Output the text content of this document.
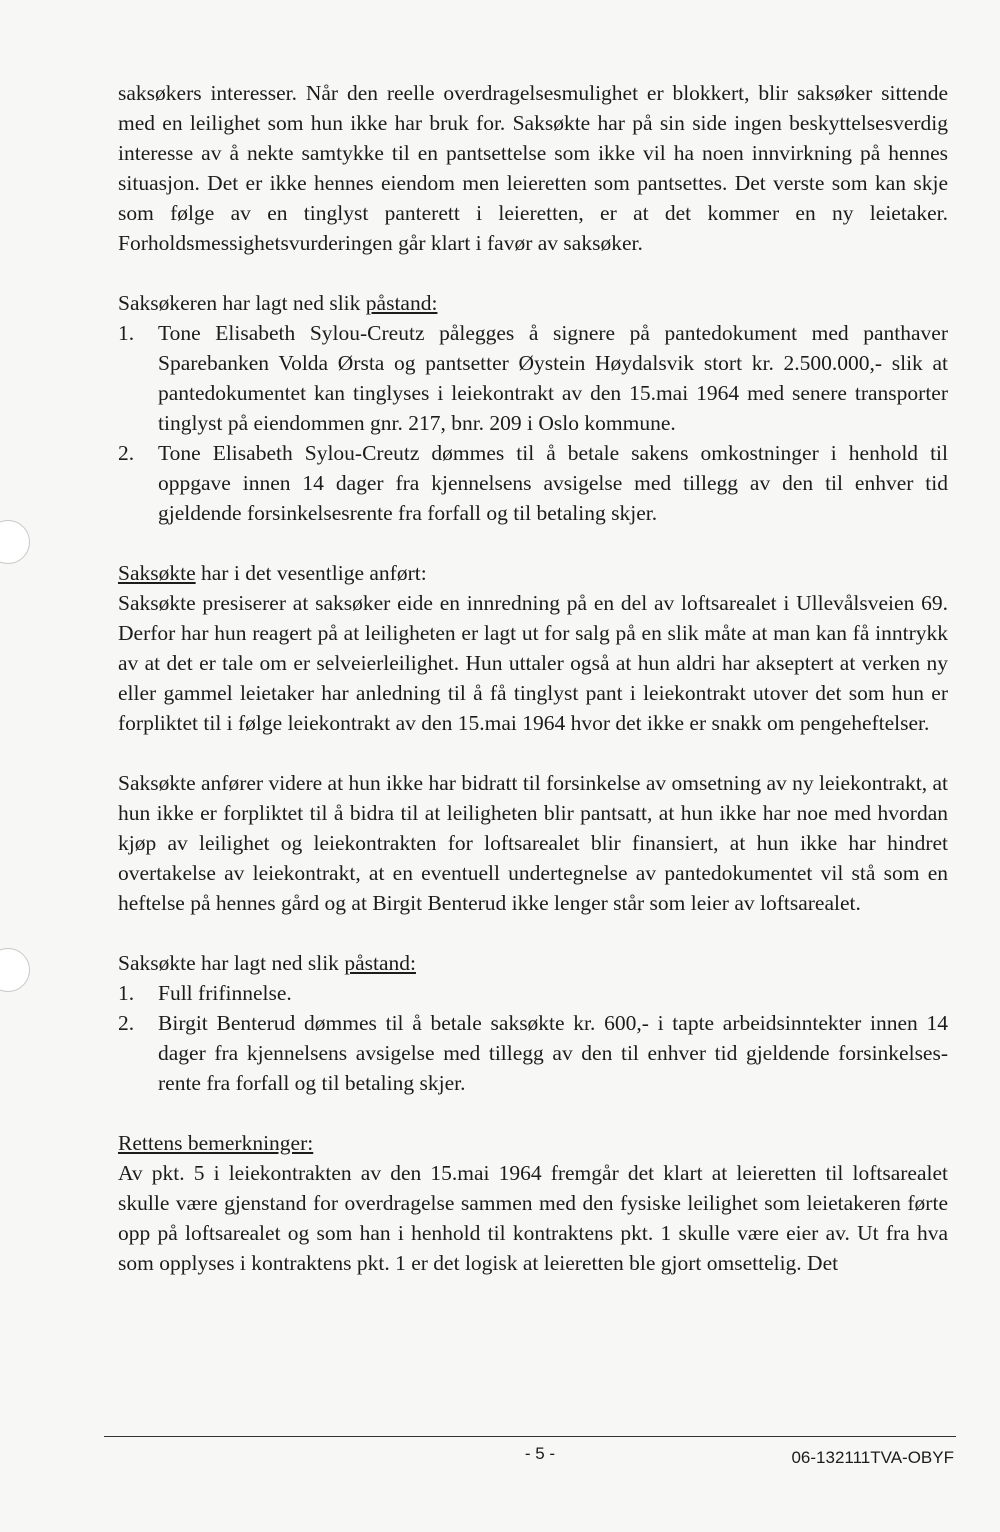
saksøkers interesser. Når den reelle overdragelsesmulighet er blokkert, blir saksøker sittende med en leilighet som hun ikke har bruk for. Saksøkte har på sin side ingen beskyttelsesverdig interesse av å nekte samtykke til en pantsettelse som ikke vil ha noen innvirkning på hennes situasjon. Det er ikke hennes eiendom men leieretten som pantsettes. Det verste som kan skje som følge av en tinglyst panterett i leieretten, er at det kommer en ny leietaker. Forholdsmessighetsvurderingen går klart i favør av saksøker.

Saksøkeren har lagt ned slik påstand:

1. Tone Elisabeth Sylou-Creutz pålegges å signere på pantedokument med panthaver Sparebanken Volda Ørsta og pantsetter Øystein Høydalsvik stort kr. 2.500.000,- slik at pantedokumentet kan tinglyses i leiekontrakt av den 15.mai 1964 med senere transporter tinglyst på eiendommen gnr. 217, bnr. 209 i Oslo kommune.
2. Tone Elisabeth Sylou-Creutz dømmes til å betale sakens omkostninger i henhold til oppgave innen 14 dager fra kjennelsens avsigelse med tillegg av den til enhver tid gjeldende forsinkelsesrente fra forfall og til betaling skjer.

Saksøkte har i det vesentlige anført:

Saksøkte presiserer at saksøker eide en innredning på en del av loftsarealet i Ullevålsveien 69. Derfor har hun reagert på at leiligheten er lagt ut for salg på en slik måte at man kan få inntrykk av at det er tale om er selveierleilighet. Hun uttaler også at hun aldri har akseptert at verken ny eller gammel leietaker har anledning til å få tinglyst pant i leiekontrakt utover det som hun er forpliktet til i følge leiekontrakt av den 15.mai 1964 hvor det ikke er snakk om pengeheftelser.

Saksøkte anfører videre at hun ikke har bidratt til forsinkelse av omsetning av ny leiekontrakt, at hun ikke er forpliktet til å bidra til at leiligheten blir pantsatt, at hun ikke har noe med hvordan kjøp av leilighet og leiekontrakten for loftsarealet blir finansiert, at hun ikke har hindret overtakelse av leiekontrakt, at en eventuell undertegnelse av pantedokumentet vil stå som en heftelse på hennes gård og at Birgit Benterud ikke lenger står som leier av loftsarealet.

Saksøkte har lagt ned slik påstand:

1. Full frifinnelse.
2. Birgit Benterud dømmes til å betale saksøkte kr. 600,- i tapte arbeidsinntekter innen 14 dager fra kjennelsens avsigelse med tillegg av den til enhver tid gjeldende forsinkelses-rente fra forfall og til betaling skjer.

Rettens bemerkninger:

Av pkt. 5 i leiekontrakten av den 15.mai 1964 fremgår det klart at leieretten til loftsarealet skulle være gjenstand for overdragelse sammen med den fysiske leilighet som leietakeren førte opp på loftsarealet og som han i henhold til kontraktens pkt. 1 skulle være eier av. Ut fra hva som opplyses i kontraktens pkt. 1 er det logisk at leieretten ble gjort omsettelig. Det

- 5 -	06-132111TVA-OBYF
